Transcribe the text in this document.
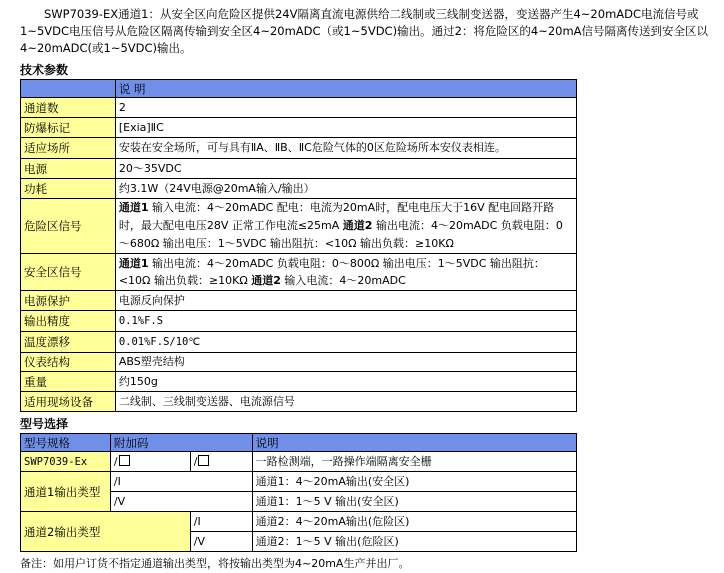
SWP7039-EX通道1：从安全区向危险区提供24V隔离直流电源供给二线制或三线制变送器，变送器产生4~20mADC电流信号或1~5VDC电压信号从危险区隔离传输到安全区4~20mADC（或1~5VDC)输出。通过2：将危险区的4~20mA信号隔离传送到安全区以4~20mADC(或1~5VDC)输出。

技术参数
	说 明
通道数	2
防爆标记	[Exia]ⅡC
适应场所	安装在安全场所，可与具有ⅡA、ⅡB、ⅡC危险气体的0区危险场所本安仪表相连。
电源	20～35VDC
功耗	约3.1W（24V电源@20mA输入/输出）
危险区信号	通道1 输入电流：4～20mADC 配电：电流为20mA时，配电电压大于16V 配电回路开路时，最大配电电压28V 正常工作电流≤25mA 通道2 输出电流：4～20mADC 负载电阻：0～680Ω 输出电压：1～5VDC 输出阻抗：<10Ω 输出负载：≥10KΩ
安全区信号	通道1 输出电流：4～20mADC 负载电阻：0～800Ω 输出电压：1～5VDC 输出阻抗：<10Ω 输出负载：≥10KΩ 通道2 输入电流：4～20mADC
电源保护	电源反向保护
输出精度	0.1%F.S
温度漂移	0.01%F.S/10℃
仪表结构	ABS塑壳结构
重量	约150g
适用现场设备	二线制、三线制变送器、电流源信号
型号选择
型号规格	附加码		说明
SWP7039-Ex	/	/	一路检测端，一路操作端隔离安全栅
通道1输出类型	/I		通道1：4～20mA输出(安全区)
	/V		通道1：1～5 V 输出(安全区)
通道2输出类型		/I	通道2：4～20mA输出(危险区)
		/V	通道2：1～5 V 输出(危险区)
备注：如用户订货不指定通道输出类型，将按输出类型为4~20mA生产并出厂。
